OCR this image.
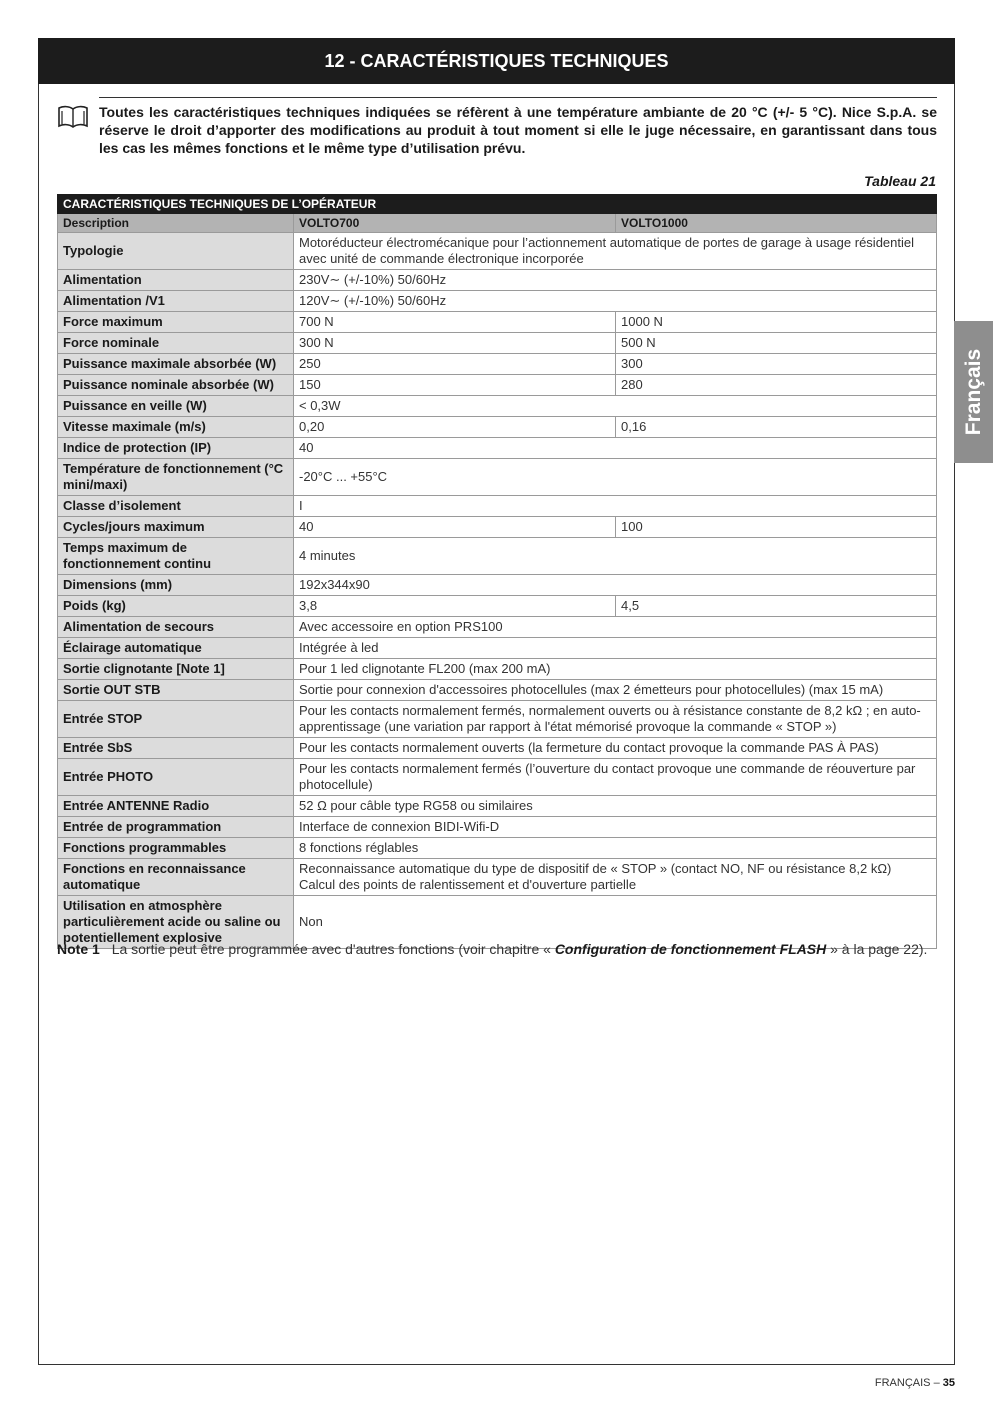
12 - CARACTÉRISTIQUES TECHNIQUES

Toutes les caractéristiques techniques indiquées se réfèrent à une température ambiante de 20 °C (+/- 5 °C). Nice S.p.A. se réserve le droit d’apporter des modifications au produit à tout moment si elle le juge nécessaire, en garantissant dans tous les cas les mêmes fonctions et le même type d’utilisation prévu.

Tableau 21
CARACTÉRISTIQUES TECHNIQUES DE L’OPÉRATEUR		
Description	VOLTO700	VOLTO1000
Typologie	Motoréducteur électromécanique pour l’actionnement automatique de portes de garage à usage résidentiel avec unité de commande électronique incorporée	
Alimentation	230V∼ (+/-10%) 50/60Hz	
Alimentation /V1	120V∼ (+/-10%) 50/60Hz	
Force maximum	700 N	1000 N
Force nominale	300 N	500 N
Puissance maximale absorbée (W)	250	300
Puissance nominale absorbée (W)	150	280
Puissance en veille (W)	< 0,3W	
Vitesse maximale (m/s)	0,20	0,16
Indice de protection (IP)	40	
Température de fonctionnement (°C mini/maxi)	-20°C ... +55°C	
Classe d’isolement	I	
Cycles/jours maximum	40	100
Temps maximum de fonctionnement continu	4 minutes	
Dimensions (mm)	192x344x90	
Poids (kg)	3,8	4,5
Alimentation de secours	Avec accessoire en option PRS100	
Éclairage automatique	Intégrée à led	
Sortie clignotante [Note 1]	Pour 1 led clignotante FL200 (max 200 mA)	
Sortie OUT STB	Sortie pour connexion d'accessoires photocellules (max 2 émetteurs pour photocellules) (max 15 mA)	
Entrée STOP	Pour les contacts normalement fermés, normalement ouverts ou à résistance constante de 8,2 kΩ ; en auto-apprentissage (une variation par rapport à l'état mémorisé provoque la commande « STOP »)	
Entrée SbS	Pour les contacts normalement ouverts (la fermeture du contact provoque la commande PAS À PAS)	
Entrée PHOTO	Pour les contacts normalement fermés (l’ouverture du contact provoque une commande de réouverture par photocellule)	
Entrée ANTENNE Radio	52 Ω pour câble type RG58 ou similaires	
Entrée de programmation	Interface de connexion BIDI-Wifi-D	
Fonctions programmables	8 fonctions réglables	
Fonctions en reconnaissance automatique	Reconnaissance automatique du type de dispositif de « STOP » (contact NO, NF ou résistance 8,2 kΩ)
Calcul des points de ralentissement et d'ouverture partielle	
Utilisation en atmosphère particulièrement acide ou saline ou potentiellement explosive	Non	
Note 1 La sortie peut être programmée avec d'autres fonctions (voir chapitre « Configuration de fonctionnement FLASH » à la page 22).
Français
FRANÇAIS – 35
